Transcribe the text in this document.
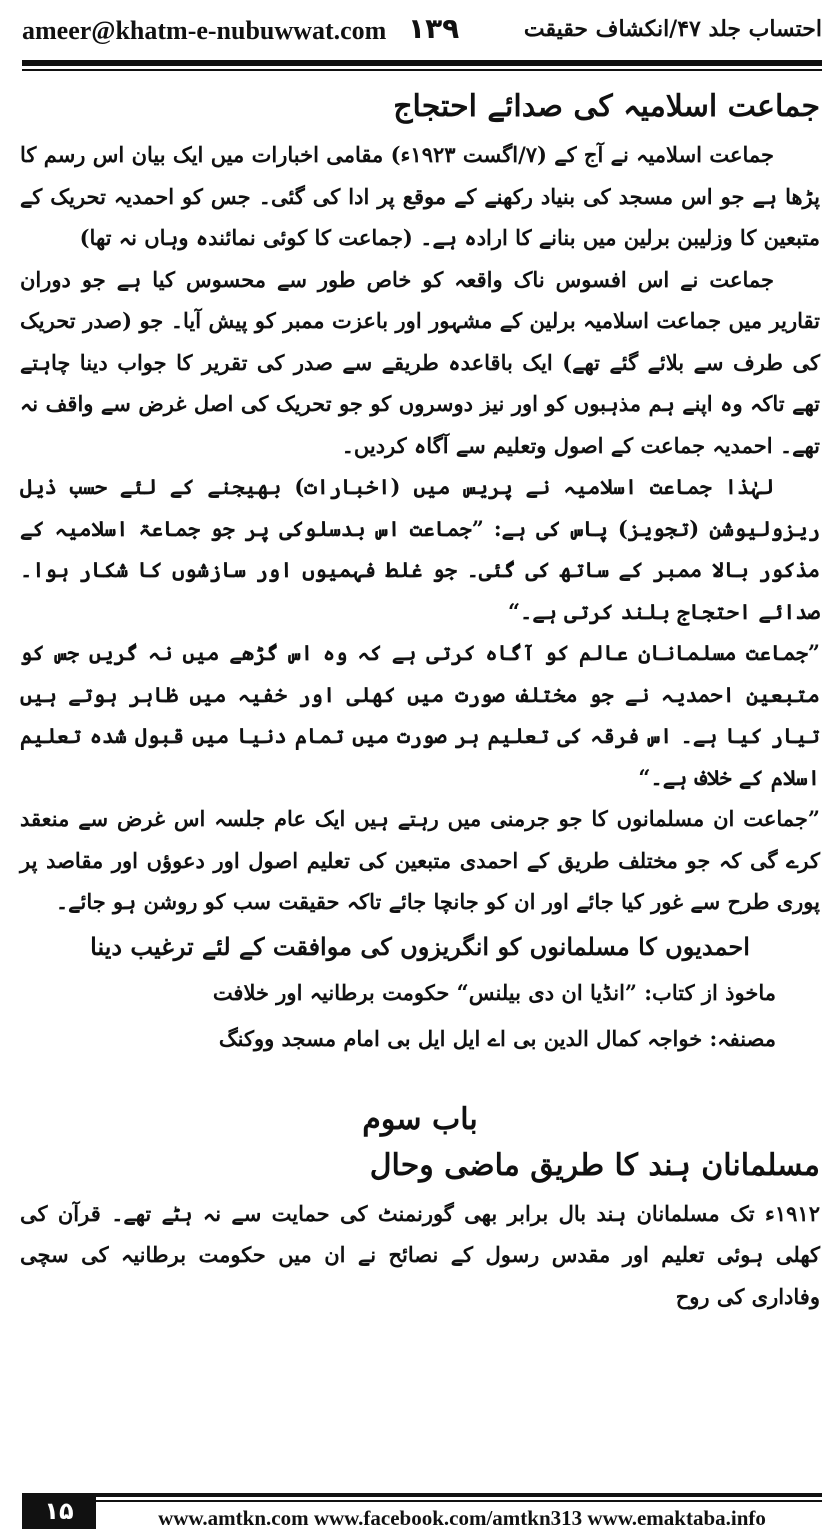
ameer@khatm-e-nubuwwat.com ۱۳۹	احتساب جلد ۴۷/انکشاف حقیقت
جماعت اسلامیہ کی صدائے احتجاج

جماعت اسلامیہ نے آج کے (۷/اگست ۱۹۲۳ء) مقامی اخبارات میں ایک بیان اس رسم کا پڑھا ہے جو اس مسجد کی بنیاد رکھنے کے موقع پر ادا کی گئی۔ جس کو احمدیہ تحریک کے متبعین کا وزلیبن برلین میں بنانے کا ارادہ ہے۔ (جماعت کا کوئی نمائندہ وہاں نہ تھا)

جماعت نے اس افسوس ناک واقعہ کو خاص طور سے محسوس کیا ہے جو دوران تقاریر میں جماعت اسلامیہ برلین کے مشہور اور باعزت ممبر کو پیش آیا۔ جو (صدر تحریک کی طرف سے بلائے گئے تھے) ایک باقاعدہ طریقے سے صدر کی تقریر کا جواب دینا چاہتے تھے تاکہ وہ اپنے ہم مذہبوں کو اور نیز دوسروں کو جو تحریک کی اصل غرض سے واقف نہ تھے۔ احمدیہ جماعت کے اصول وتعلیم سے آگاہ کردیں۔

لہٰذا جماعت اسلامیہ نے پریس میں (اخبارات) بھیجنے کے لئے حسب ذیل ریزولیوشن (تجویز) پاس کی ہے: ”جماعت اس بدسلوکی پر جو جماعۃ اسلامیہ کے مذکور بالا ممبر کے ساتھ کی گئی۔ جو غلط فہمیوں اور سازشوں کا شکار ہوا۔ صدائے احتجاج بلند کرتی ہے۔“

”جماعت مسلمانان عالم کو آگاہ کرتی ہے کہ وہ اس گڑھے میں نہ گریں جس کو متبعین احمدیہ نے جو مختلف صورت میں کھلی اور خفیہ میں ظاہر ہوتے ہیں تیار کیا ہے۔ اس فرقہ کی تعلیم ہر صورت میں تمام دنیا میں قبول شدہ تعلیم اسلام کے خلاف ہے۔“

”جماعت ان مسلمانوں کا جو جرمنی میں رہتے ہیں ایک عام جلسہ اس غرض سے منعقد کرے گی کہ جو مختلف طریق کے احمدی متبعین کی تعلیم اصول اور دعوؤں اور مقاصد پر پوری طرح سے غور کیا جائے اور ان کو جانچا جائے تاکہ حقیقت سب کو روشن ہو جائے۔

احمدیوں کا مسلمانوں کو انگریزوں کی موافقت کے لئے ترغیب دینا
ماخوذ از کتاب: ”انڈیا ان دی بیلنس“ حکومت برطانیہ اور خلافت
مصنفہ: خواجہ کمال الدین بی اے ایل ایل بی امام مسجد ووکنگ
باب سوم
مسلمانان ہند کا طریق ماضی وحال

۱۹۱۲ء تک مسلمانان ہند بال برابر بھی گورنمنٹ کی حمایت سے نہ ہٹے تھے۔ قرآن کی کھلی ہوئی تعلیم اور مقدس رسول کے نصائح نے ان میں حکومت برطانیہ کی سچی وفاداری کی روح

۱۵	www.amtkn.com www.facebook.com/amtkn313 www.emaktaba.info
